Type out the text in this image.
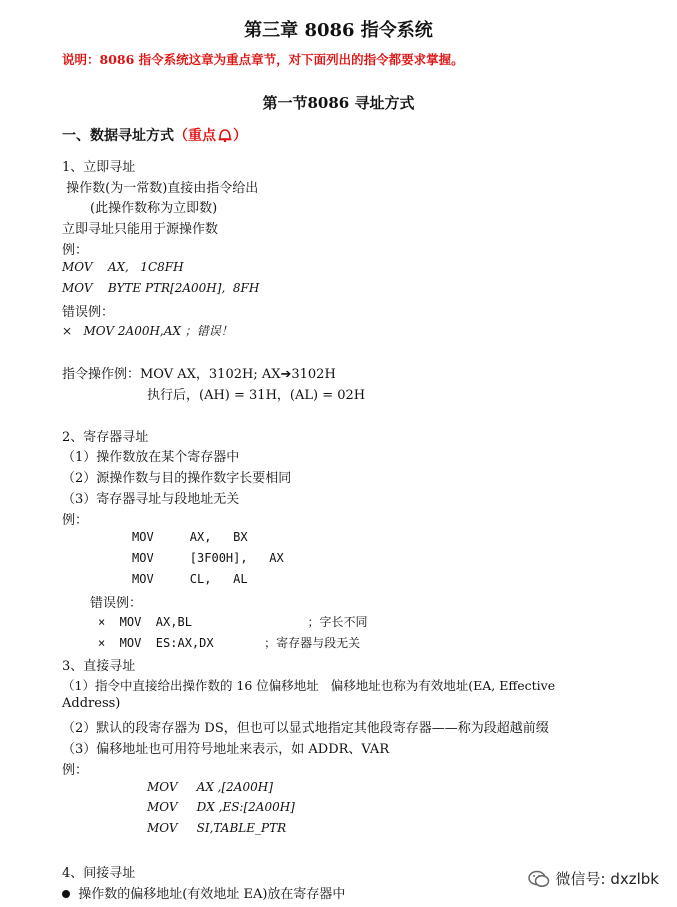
第三章 8086 指令系统
说明：8086 指令系统这章为重点章节，对下面列出的指令都要求掌握。
第一节8086 寻址方式
一、数据寻址方式（重点 ）
1、立即寻址
操作数(为一常数)直接由指令给出
(此操作数称为立即数)
立即寻址只能用于源操作数
例：
MOV    AX,   1C8FH
MOV    BYTE PTR[2A00H],  8FH
错误例：
×   MOV 2A00H,AX ；错误！
指令操作例：MOV AX，3102H; AX➔3102H
执行后，(AH) = 31H，(AL) = 02H
2、寄存器寻址
（1）操作数放在某个寄存器中
（2）源操作数与目的操作数字长要相同
（3）寄存器寻址与段地址无关
例：
MOV     AX,   BX
MOV     [3F00H],   AX
MOV     CL,   AL
错误例：
×  MOV  AX,BL                ；字长不同
×  MOV  ES:AX,DX       ；寄存器与段无关
3、直接寻址
（1）指令中直接给出操作数的 16 位偏移地址   偏移地址也称为有效地址(EA, Effective
Address)
（2）默认的段寄存器为 DS，但也可以显式地指定其他段寄存器——称为段超越前缀
（3）偏移地址也可用符号地址来表示，如 ADDR、VAR
例：
MOV     AX ,[2A00H]
MOV     DX ,ES:[2A00H]
MOV     SI,TABLE_PTR
4、间接寻址
操作数的偏移地址(有效地址 EA)放在寄存器中
微信号: dxzlbk
